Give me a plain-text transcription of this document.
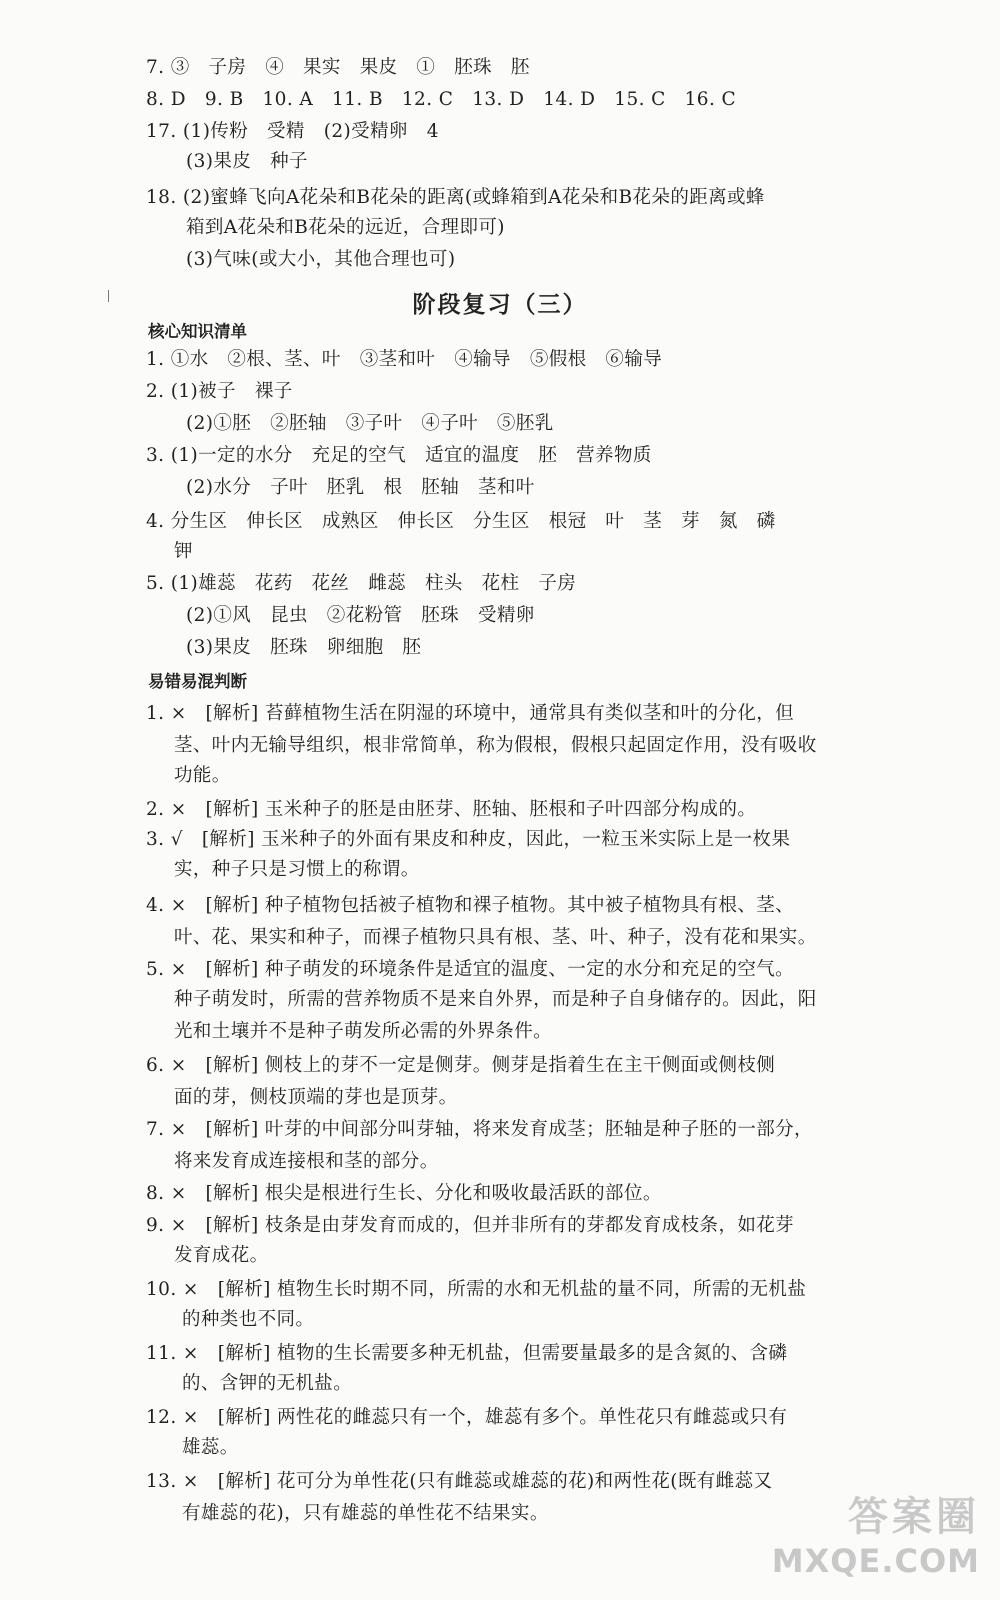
7. ③　子房　④　果实　果皮　①　胚珠　胚
8. D　9. B　10. A　11. B　12. C　13. D　14. D　15. C　16. C
17. (1)传粉　受精　(2)受精卵　4
(3)果皮　种子
18. (2)蜜蜂飞向A花朵和B花朵的距离(或蜂箱到A花朵和B花朵的距离或蜂
箱到A花朵和B花朵的远近，合理即可)
(3)气味(或大小，其他合理也可)
阶段复习（三）
核心知识清单
1. ①水　②根、茎、叶　③茎和叶　④输导　⑤假根　⑥输导
2. (1)被子　裸子
(2)①胚　②胚轴　③子叶　④子叶　⑤胚乳
3. (1)一定的水分　充足的空气　适宜的温度　胚　营养物质
(2)水分　子叶　胚乳　根　胚轴　茎和叶
4. 分生区　伸长区　成熟区　伸长区　分生区　根冠　叶　茎　芽　氮　磷
钾
5. (1)雄蕊　花药　花丝　雌蕊　柱头　花柱　子房
(2)①风　昆虫　②花粉管　胚珠　受精卵
(3)果皮　胚珠　卵细胞　胚
易错易混判断
1. ×　[解析] 苔藓植物生活在阴湿的环境中，通常具有类似茎和叶的分化，但
茎、叶内无输导组织，根非常简单，称为假根，假根只起固定作用，没有吸收
功能。
2. ×　[解析] 玉米种子的胚是由胚芽、胚轴、胚根和子叶四部分构成的。
3. √　[解析] 玉米种子的外面有果皮和种皮，因此，一粒玉米实际上是一枚果
实，种子只是习惯上的称谓。
4. ×　[解析] 种子植物包括被子植物和裸子植物。其中被子植物具有根、茎、
叶、花、果实和种子，而裸子植物只具有根、茎、叶、种子，没有花和果实。
5. ×　[解析] 种子萌发的环境条件是适宜的温度、一定的水分和充足的空气。
种子萌发时，所需的营养物质不是来自外界，而是种子自身储存的。因此，阳
光和土壤并不是种子萌发所必需的外界条件。
6. ×　[解析] 侧枝上的芽不一定是侧芽。侧芽是指着生在主干侧面或侧枝侧
面的芽，侧枝顶端的芽也是顶芽。
7. ×　[解析] 叶芽的中间部分叫芽轴，将来发育成茎；胚轴是种子胚的一部分，
将来发育成连接根和茎的部分。
8. ×　[解析] 根尖是根进行生长、分化和吸收最活跃的部位。
9. ×　[解析] 枝条是由芽发育而成的，但并非所有的芽都发育成枝条，如花芽
发育成花。
10. ×　[解析] 植物生长时期不同，所需的水和无机盐的量不同，所需的无机盐
的种类也不同。
11. ×　[解析] 植物的生长需要多种无机盐，但需要量最多的是含氮的、含磷
的、含钾的无机盐。
12. ×　[解析] 两性花的雌蕊只有一个，雄蕊有多个。单性花只有雌蕊或只有
雄蕊。
13. ×　[解析] 花可分为单性花(只有雌蕊或雄蕊的花)和两性花(既有雌蕊又
有雄蕊的花)，只有雄蕊的单性花不结果实。	答案圈
MXQE.COM
